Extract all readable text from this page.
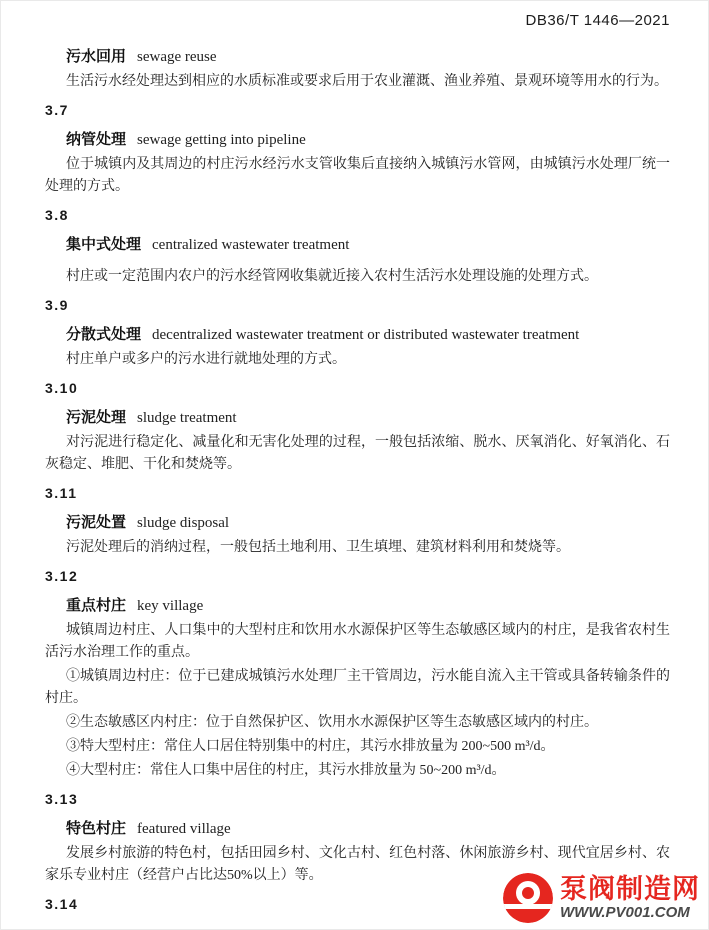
DB36/T 1446—2021

污水回用 sewage reuse

生活污水经处理达到相应的水质标准或要求后用于农业灌溉、渔业养殖、景观环境等用水的行为。

3.7

纳管处理 sewage getting into pipeline

位于城镇内及其周边的村庄污水经污水支管收集后直接纳入城镇污水管网，由城镇污水处理厂统一处理的方式。

3.8

集中式处理 centralized wastewater treatment

村庄或一定范围内农户的污水经管网收集就近接入农村生活污水处理设施的处理方式。

3.9

分散式处理 decentralized wastewater treatment or distributed wastewater treatment

村庄单户或多户的污水进行就地处理的方式。

3.10

污泥处理 sludge treatment

对污泥进行稳定化、减量化和无害化处理的过程，一般包括浓缩、脱水、厌氧消化、好氧消化、石灰稳定、堆肥、干化和焚烧等。

3.11

污泥处置 sludge disposal

污泥处理后的消纳过程，一般包括土地利用、卫生填埋、建筑材料利用和焚烧等。

3.12

重点村庄 key village

城镇周边村庄、人口集中的大型村庄和饮用水水源保护区等生态敏感区域内的村庄，是我省农村生活污水治理工作的重点。

①城镇周边村庄：位于已建成城镇污水处理厂主干管周边，污水能自流入主干管或具备转输条件的村庄。

②生态敏感区内村庄：位于自然保护区、饮用水水源保护区等生态敏感区域内的村庄。

③特大型村庄：常住人口居住特别集中的村庄，其污水排放量为 200~500 m³/d。

④大型村庄：常住人口集中居住的村庄，其污水排放量为 50~200 m³/d。

3.13

特色村庄 featured village

发展乡村旅游的特色村，包括田园乡村、文化古村、红色村落、休闲旅游乡村、现代宜居乡村、农家乐专业村庄（经营户占比达50%以上）等。

3.14	泵阀制造网
WWW.PV001.COM
